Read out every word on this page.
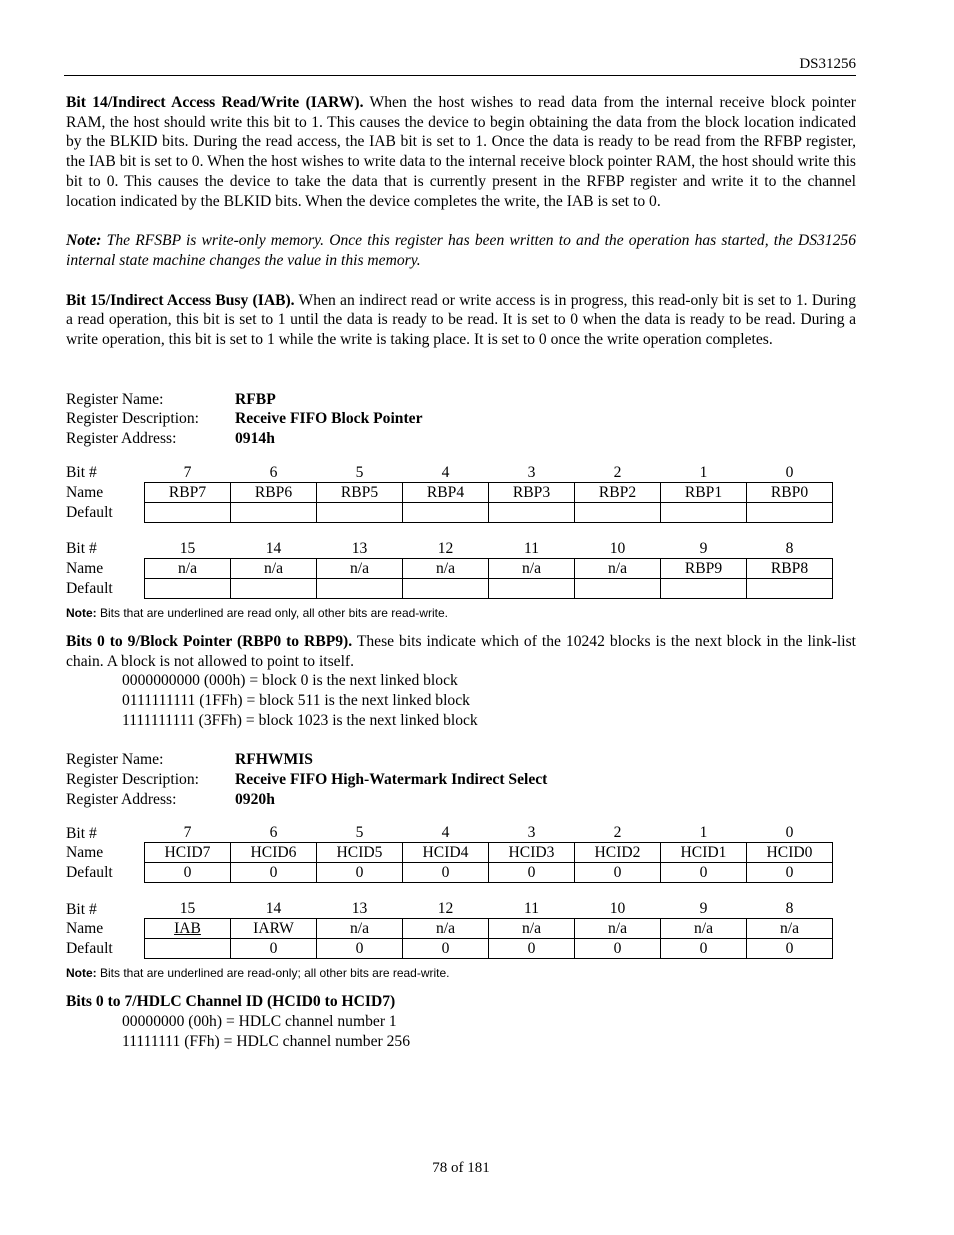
DS31256

Bit 14/Indirect Access Read/Write (IARW). When the host wishes to read data from the internal receive block pointer RAM, the host should write this bit to 1. This causes the device to begin obtaining the data from the block location indicated by the BLKID bits. During the read access, the IAB bit is set to 1. Once the data is ready to be read from the RFBP register, the IAB bit is set to 0. When the host wishes to write data to the internal receive block pointer RAM, the host should write this bit to 0. This causes the device to take the data that is currently present in the RFBP register and write it to the channel location indicated by the BLKID bits. When the device completes the write, the IAB is set to 0.

Note: The RFSBP is write-only memory. Once this register has been written to and the operation has started, the DS31256 internal state machine changes the value in this memory.

Bit 15/Indirect Access Busy (IAB). When an indirect read or write access is in progress, this read-only bit is set to 1. During a read operation, this bit is set to 1 until the data is ready to be read. It is set to 0 when the data is ready to be read. During a write operation, this bit is set to 1 while the write is taking place. It is set to 0 once the write operation completes.

Register Name:	RFBP
Register Description:	Receive FIFO Block Pointer
Register Address:	0914h
Bit #	7	6	5	4	3	2	1	0
Name	RBP7	RBP6	RBP5	RBP4	RBP3	RBP2	RBP1	RBP0
Default								
Bit #	15	14	13	12	11	10	9	8
Name	n/a	n/a	n/a	n/a	n/a	n/a	RBP9	RBP8
Default								
Note: Bits that are underlined are read only, all other bits are read-write.

Bits 0 to 9/Block Pointer (RBP0 to RBP9). These bits indicate which of the 10242 blocks is the next block in the link-list chain. A block is not allowed to point to itself.

0000000000 (000h) = block 0 is the next linked block
0111111111 (1FFh) = block 511 is the next linked block
1111111111 (3FFh) = block 1023 is the next linked block
Register Name:	RFHWMIS
Register Description:	Receive FIFO High-Watermark Indirect Select
Register Address:	0920h
Bit #	7	6	5	4	3	2	1	0
Name	HCID7	HCID6	HCID5	HCID4	HCID3	HCID2	HCID1	HCID0
Default	0	0	0	0	0	0	0	0
Bit #	15	14	13	12	11	10	9	8
Name	IAB	IARW	n/a	n/a	n/a	n/a	n/a	n/a
Default		0	0	0	0	0	0	0
Note: Bits that are underlined are read-only; all other bits are read-write.

Bits 0 to 7/HDLC Channel ID (HCID0 to HCID7)

00000000 (00h) = HDLC channel number 1
11111111 (FFh) = HDLC channel number 256
78 of 181
